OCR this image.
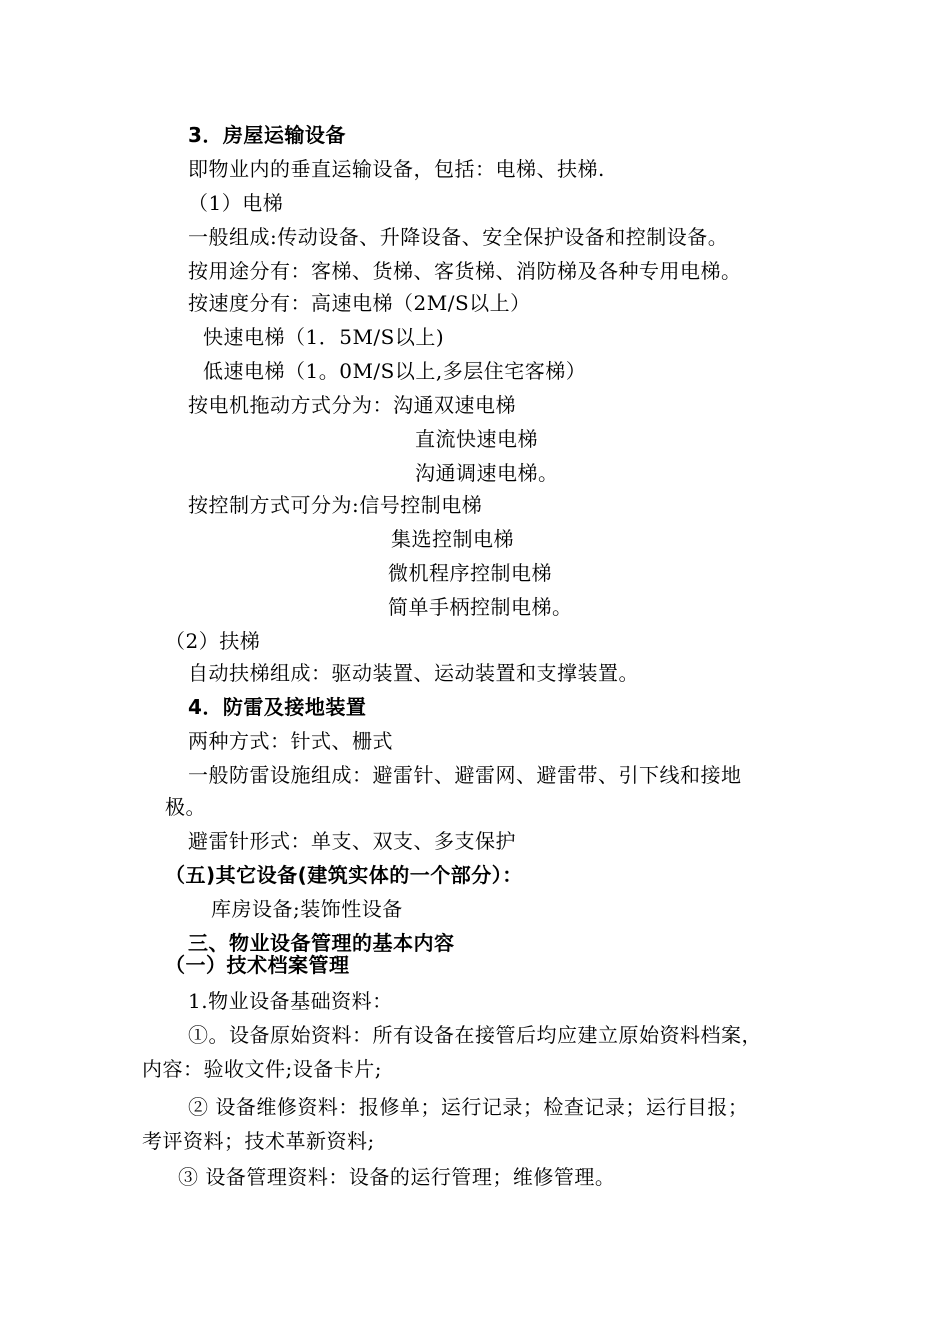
3．房屋运输设备
即物业内的垂直运输设备，包括：电梯、扶梯.
（1）电梯
一般组成:传动设备、升降设备、安全保护设备和控制设备。
按用途分有：客梯、货梯、客货梯、消防梯及各种专用电梯。
按速度分有：高速电梯（2M/S以上）
快速电梯（1．5M/S以上)
低速电梯（1。0M/S以上,多层住宅客梯）
按电机拖动方式分为：沟通双速电梯
直流快速电梯
沟通调速电梯。
按控制方式可分为:信号控制电梯
集选控制电梯
微机程序控制电梯
简单手柄控制电梯。
（2）扶梯
自动扶梯组成：驱动装置、运动装置和支撑装置。
4．防雷及接地装置
两种方式：针式、栅式
一般防雷设施组成：避雷针、避雷网、避雷带、引下线和接地
极。
避雷针形式：单支、双支、多支保护
（五)其它设备(建筑实体的一个部分）：
库房设备;装饰性设备
三、物业设备管理的基本内容
（一）技术档案管理
1.物业设备基础资料：
①。设备原始资料：所有设备在接管后均应建立原始资料档案，
内容：验收文件;设备卡片;
② 设备维修资料：报修单；运行记录；检查记录；运行目报；
考评资料；技术革新资料;
③ 设备管理资料：设备的运行管理；维修管理。
